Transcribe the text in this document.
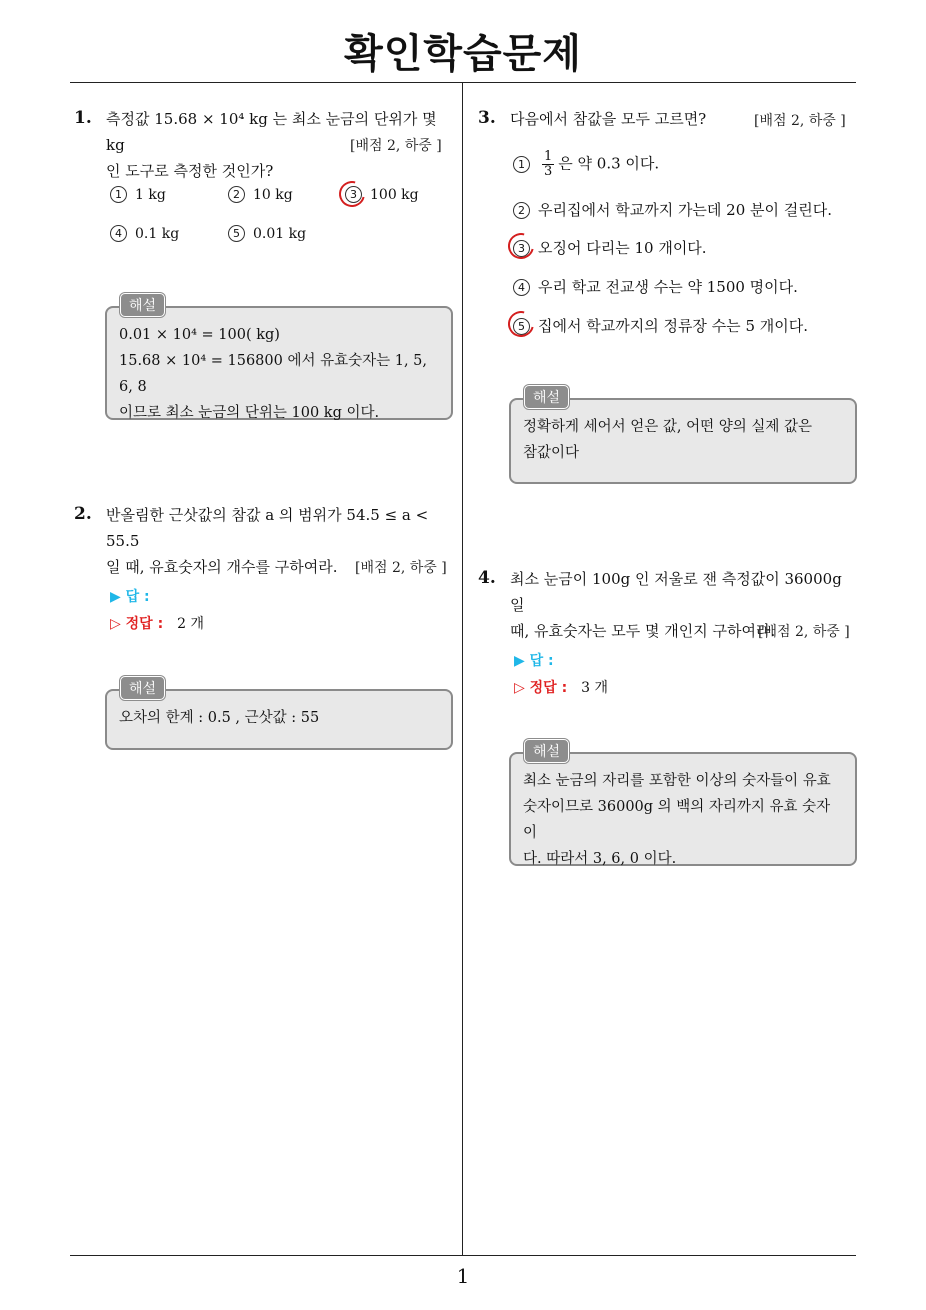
확인학습문제
1
1. 측정값 15.68 × 10⁴ kg 는 최소 눈금의 단위가 몇 kg
인 도구로 측정한 것인가?
[배점 2, 하중 ]
1 1 kg	2 10 kg	3 100 kg
4 0.1 kg	5 0.01 kg
0.01 × 10⁴ = 100( kg)
15.68 × 10⁴ = 156800 에서 유효숫자는 1, 5, 6, 8
이므로 최소 눈금의 단위는 100 kg 이다.
해설
2. 반올림한 근삿값의 참값 a 의 범위가 54.5 ≤ a < 55.5
일 때, 유효숫자의 개수를 구하여라.	[배점 2, 하중 ]
▶ 답 :
▷ 정답 : 2 개
오차의 한계 : 0.5 , 근삿값 : 55
해설
3. 다음에서 참값을 모두 고르면?	[배점 2, 하중 ]
$1 \frac{1}{3}$ 은 약 0.3 이다.
2 우리집에서 학교까지 가는데 20 분이 걸린다.
3 오징어 다리는 10 개이다.
4 우리 학교 전교생 수는 약 1500 명이다.
5 집에서 학교까지의 정류장 수는 5 개이다.
정확하게 세어서 얻은 값, 어떤 양의 실제 값은
참값이다
해설
4. 최소 눈금이 100g 인 저울로 잰 측정값이 36000g 일
때, 유효숫자는 모두 몇 개인지 구하여라.
[배점 2, 하중 ]
▶ 답 :
▷ 정답 : 3 개
최소 눈금의 자리를 포함한 이상의 숫자들이 유효
숫자이므로 36000g 의 백의 자리까지 유효 숫자이
다. 따라서 3, 6, 0 이다.
해설
